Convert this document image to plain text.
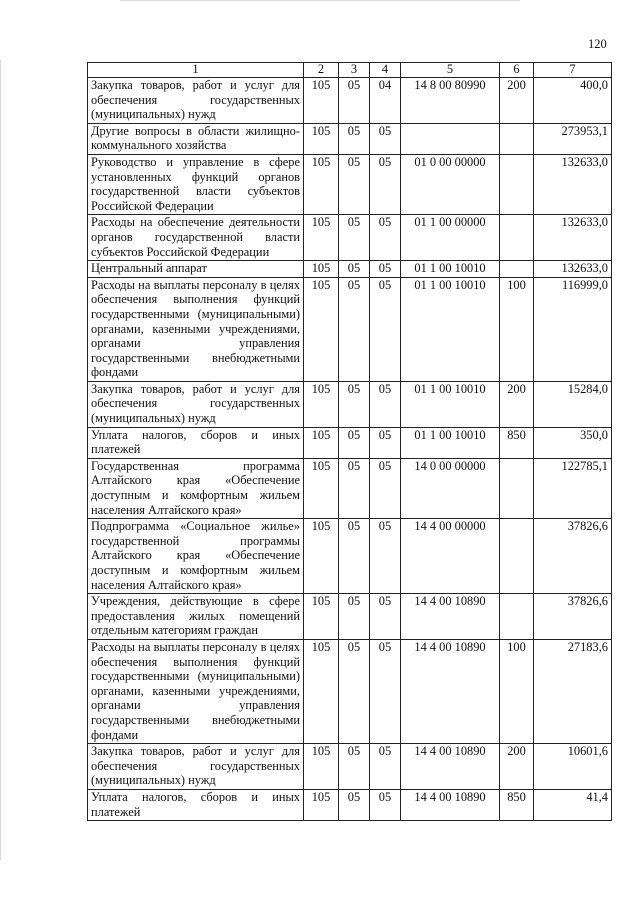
120
1	2	3	4	5	6	7
Закупка товаров, работ и услуг для обеспечения государственных (муниципальных) нужд	105	05	04	14 8 00 80990	200	400,0
Другие вопросы в области жилищно-коммунального хозяйства	105	05	05			273953,1
Руководство и управление в сфере установленных функций органов государственной власти субъектов Российской Федерации	105	05	05	01 0 00 00000		132633,0
Расходы на обеспечение деятельности органов государственной власти субъектов Российской Федерации	105	05	05	01 1 00 00000		132633,0
Центральный аппарат	105	05	05	01 1 00 10010		132633,0
Расходы на выплаты персоналу в целях обеспечения выполнения функций государственными (муниципальными) органами, казенными учреждениями, органами управления государственными внебюджетными фондами	105	05	05	01 1 00 10010	100	116999,0
Закупка товаров, работ и услуг для обеспечения государственных (муниципальных) нужд	105	05	05	01 1 00 10010	200	15284,0
Уплата налогов, сборов и иных платежей	105	05	05	01 1 00 10010	850	350,0
Государственная программа Алтайского края «Обеспечение доступным и комфортным жильем населения Алтайского края»	105	05	05	14 0 00 00000		122785,1
Подпрограмма «Социальное жилье» государственной программы Алтайского края «Обеспечение доступным и комфортным жильем населения Алтайского края»	105	05	05	14 4 00 00000		37826,6
Учреждения, действующие в сфере предоставления жилых помещений отдельным категориям граждан	105	05	05	14 4 00 10890		37826,6
Расходы на выплаты персоналу в целях обеспечения выполнения функций государственными (муниципальными) органами, казенными учреждениями, органами управления государственными внебюджетными фондами	105	05	05	14 4 00 10890	100	27183,6
Закупка товаров, работ и услуг для обеспечения государственных (муниципальных) нужд	105	05	05	14 4 00 10890	200	10601,6
Уплата налогов, сборов и иных платежей	105	05	05	14 4 00 10890	850	41,4
